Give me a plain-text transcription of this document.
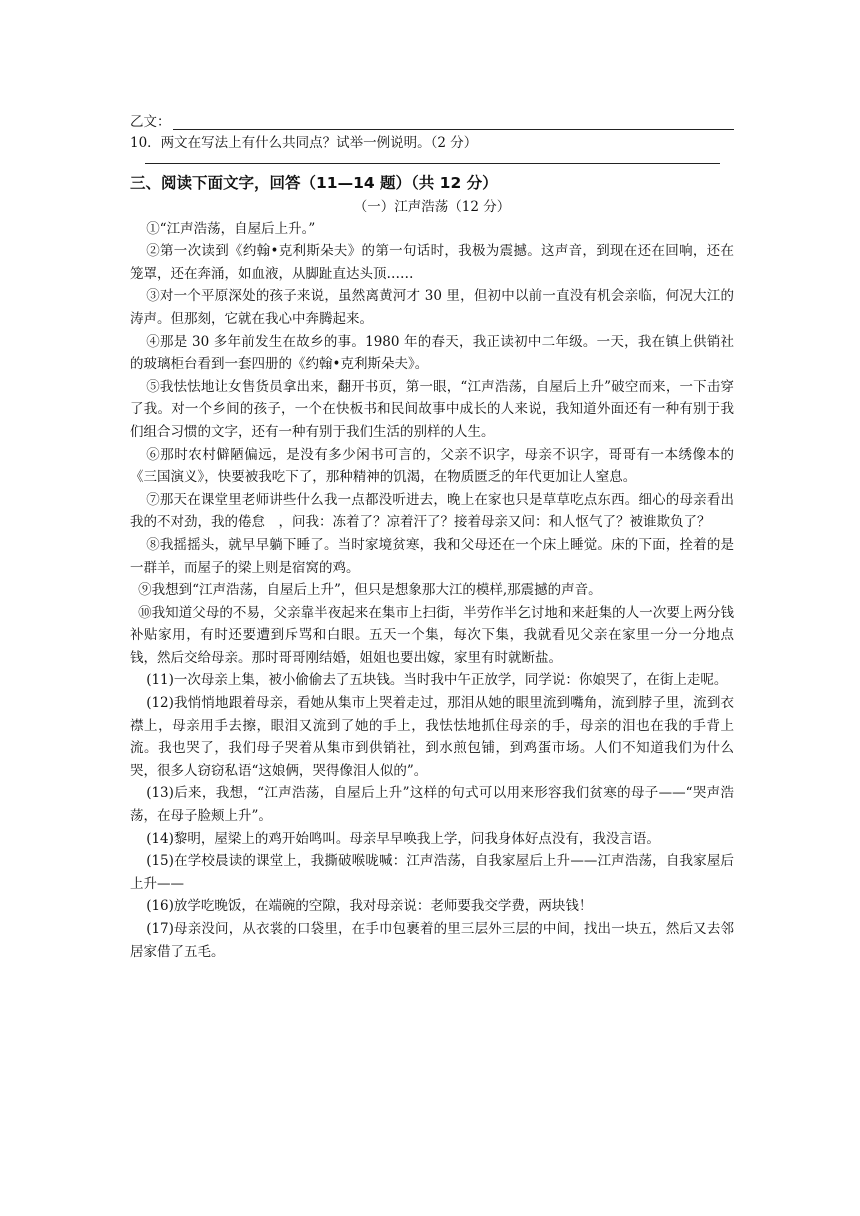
乙文：
10．两文在写法上有什么共同点？试举一例说明。（2 分）
三、阅读下面文字，回答（11—14 题）（共 12 分）
（一）江声浩荡（12 分）

①“江声浩荡，自屋后上升。”

②第一次读到《约翰•克利斯朵夫》的第一句话时，我极为震撼。这声音，到现在还在回响，还在笼罩，还在奔涌，如血液，从脚趾直达头顶……

③对一个平原深处的孩子来说，虽然离黄河才 30 里，但初中以前一直没有机会亲临，何况大江的涛声。但那刻，它就在我心中奔腾起来。

④那是 30 多年前发生在故乡的事。1980 年的春天，我正读初中二年级。一天，我在镇上供销社的玻璃柜台看到一套四册的《约翰•克利斯朵夫》。

⑤我怯怯地让女售货员拿出来，翻开书页，第一眼，“江声浩荡，自屋后上升”破空而来，一下击穿了我。对一个乡间的孩子，一个在快板书和民间故事中成长的人来说，我知道外面还有一种有别于我们组合习惯的文字，还有一种有别于我们生活的别样的人生。

⑥那时农村僻陋偏远，是没有多少闲书可言的，父亲不识字，母亲不识字，哥哥有一本绣像本的《三国演义》，快要被我吃下了，那种精神的饥渴，在物质匮乏的年代更加让人窒息。

⑦那天在课堂里老师讲些什么我一点都没听进去，晚上在家也只是草草吃点东西。细心的母亲看出我的不对劲，我的倦怠　，问我：冻着了？凉着汗了？接着母亲又问：和人怄气了？被谁欺负了？

⑧我摇摇头，就早早躺下睡了。当时家境贫寒，我和父母还在一个床上睡觉。床的下面，拴着的是一群羊，而屋子的梁上则是宿窝的鸡。

⑨我想到“江声浩荡，自屋后上升”，但只是想象那大江的模样,那震撼的声音。

⑩我知道父母的不易，父亲靠半夜起来在集市上扫街，半劳作半乞讨地和来赶集的人一次要上两分钱补贴家用，有时还要遭到斥骂和白眼。五天一个集，每次下集，我就看见父亲在家里一分一分地点钱，然后交给母亲。那时哥哥刚结婚，姐姐也要出嫁，家里有时就断盐。

(11)一次母亲上集，被小偷偷去了五块钱。当时我中午正放学，同学说：你娘哭了，在街上走呢。

(12)我悄悄地跟着母亲，看她从集市上哭着走过，那泪从她的眼里流到嘴角，流到脖子里，流到衣襟上，母亲用手去擦，眼泪又流到了她的手上，我怯怯地抓住母亲的手，母亲的泪也在我的手背上流。我也哭了，我们母子哭着从集市到供销社，到水煎包铺，到鸡蛋市场。人们不知道我们为什么哭，很多人窃窃私语“这娘俩，哭得像泪人似的”。

(13)后来，我想，“江声浩荡，自屋后上升”这样的句式可以用来形容我们贫寒的母子——“哭声浩荡，在母子脸颊上升”。

(14)黎明，屋梁上的鸡开始鸣叫。母亲早早唤我上学，问我身体好点没有，我没言语。

(15)在学校晨读的课堂上，我撕破喉咙喊：江声浩荡，自我家屋后上升——江声浩荡，自我家屋后上升——

(16)放学吃晚饭，在端碗的空隙，我对母亲说：老师要我交学费，两块钱！

(17)母亲没问，从衣裳的口袋里，在手巾包裹着的里三层外三层的中间，找出一块五，然后又去邻居家借了五毛。
